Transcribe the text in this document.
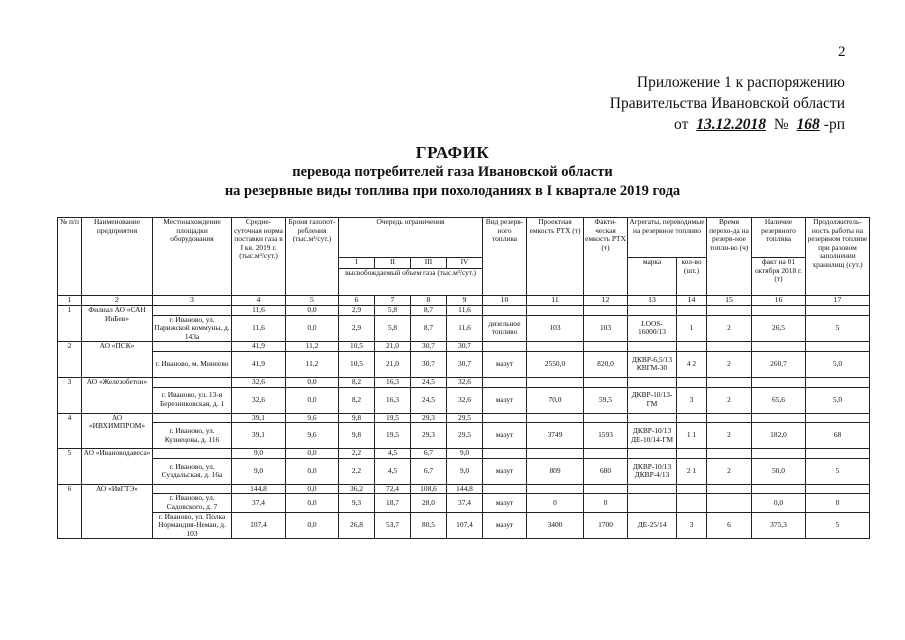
2
Приложение 1 к распоряжению
Правительства Ивановской области
от 13.12.2018 № 168 -рп
ГРАФИК
перевода потребителей газа Ивановской области
на резервные виды топлива при похолоданиях в I квартале 2019 года
№ п/п	Наименование предприятия	Местонахождение площадки оборудования	Средне-суточная норма поставки газа в I кв. 2019 г. (тыс.м³/сут.)	Броня газопот-ребления (тыс.м³/сут.)	Очередь ограничения				Вид резерв-ного топлива	Проектная емкость РТХ (т)	Факти-ческая емкость РТХ (т)	Агрегаты, переводимые на резервное топливо		Время перехо-да на резерв-ное топли-во (ч)	Наличие резервного топлива	Продолжитель-ность работы на резервном топливе при разовом заполнении хранилищ (сут.)
					I	II	III	IV				марка	кол-во (шт.)		факт на 01 октября 2018 г. (т)	
					высвобождаемый объем газа (тыс.м³/сут.)											
1	2	3	4	5	6	7	8	9	10	11	12	13	14	15	16	17
1	Филиал АО «САН ИнБев»		11,6	0,0	2,9	5,8	8,7	11,6								
		г. Иваново, ул. Парижской коммуны, д. 143а	11,6	0,0	2,9	5,8	8,7	11,6	дизельное топливо	103	103	LOOS-16000/13	1	2	26,5	5
2	АО «ПСК»		41,9	11,2	10,5	21,0	30,7	30,7								
		г. Иваново, м. Минеево	41,9	11,2	10,5	21,0	30,7	30,7	мазут	2550,0	820,0	ДКВР-6,5/13 КВГМ-30	4 2	2	260,7	5,0
3	АО «Железобетон»		32,6	0,0	8,2	16,3	24,5	32,6								
		г. Иваново, ул. 13-я Березниковская, д. 1	32,6	0,0	8,2	16,3	24,5	32,6	мазут	70,0	59,5	ДКВР-10/13-ГМ	3	2	65,6	5,0
4	АО «ИВХИМПРОМ»		39,1	9,6	9,8	19,5	29,3	29,5								
		г. Иваново, ул. Кузнецова, д. 116	39,1	9,6	9,8	19,5	29,3	29,5	мазут	3749	1593	ДКВР-10/13 ДЕ-10/14-ГМ	1 1	2	182,0	68
5	АО «Ивановодавеса»		9,0	0,0	2,2	4,5	6,7	9,0								
		г. Иваново, ул. Суздальская, д. 16а	9,0	0,0	2,2	4,5	6,7	9,0	мазут	809	680	ДКВР-10/13 ДКВР-4/13	2 1	2	50,0	5
6	АО «ИвГТЭ»		144,8	0,0	36,2	72,4	108,6	144,8								
		г. Иваново, ул. Садовского, д. 7	37,4	0,0	9,3	18,7	28,0	37,4	мазут	0	0				0,0	0
		г. Иваново, ул. Полка Нормандия-Неман, д. 103	107,4	0,0	26,8	53,7	80,5	107,4	мазут	3400	1700	ДЕ-25/14	3	6	375,3	5
